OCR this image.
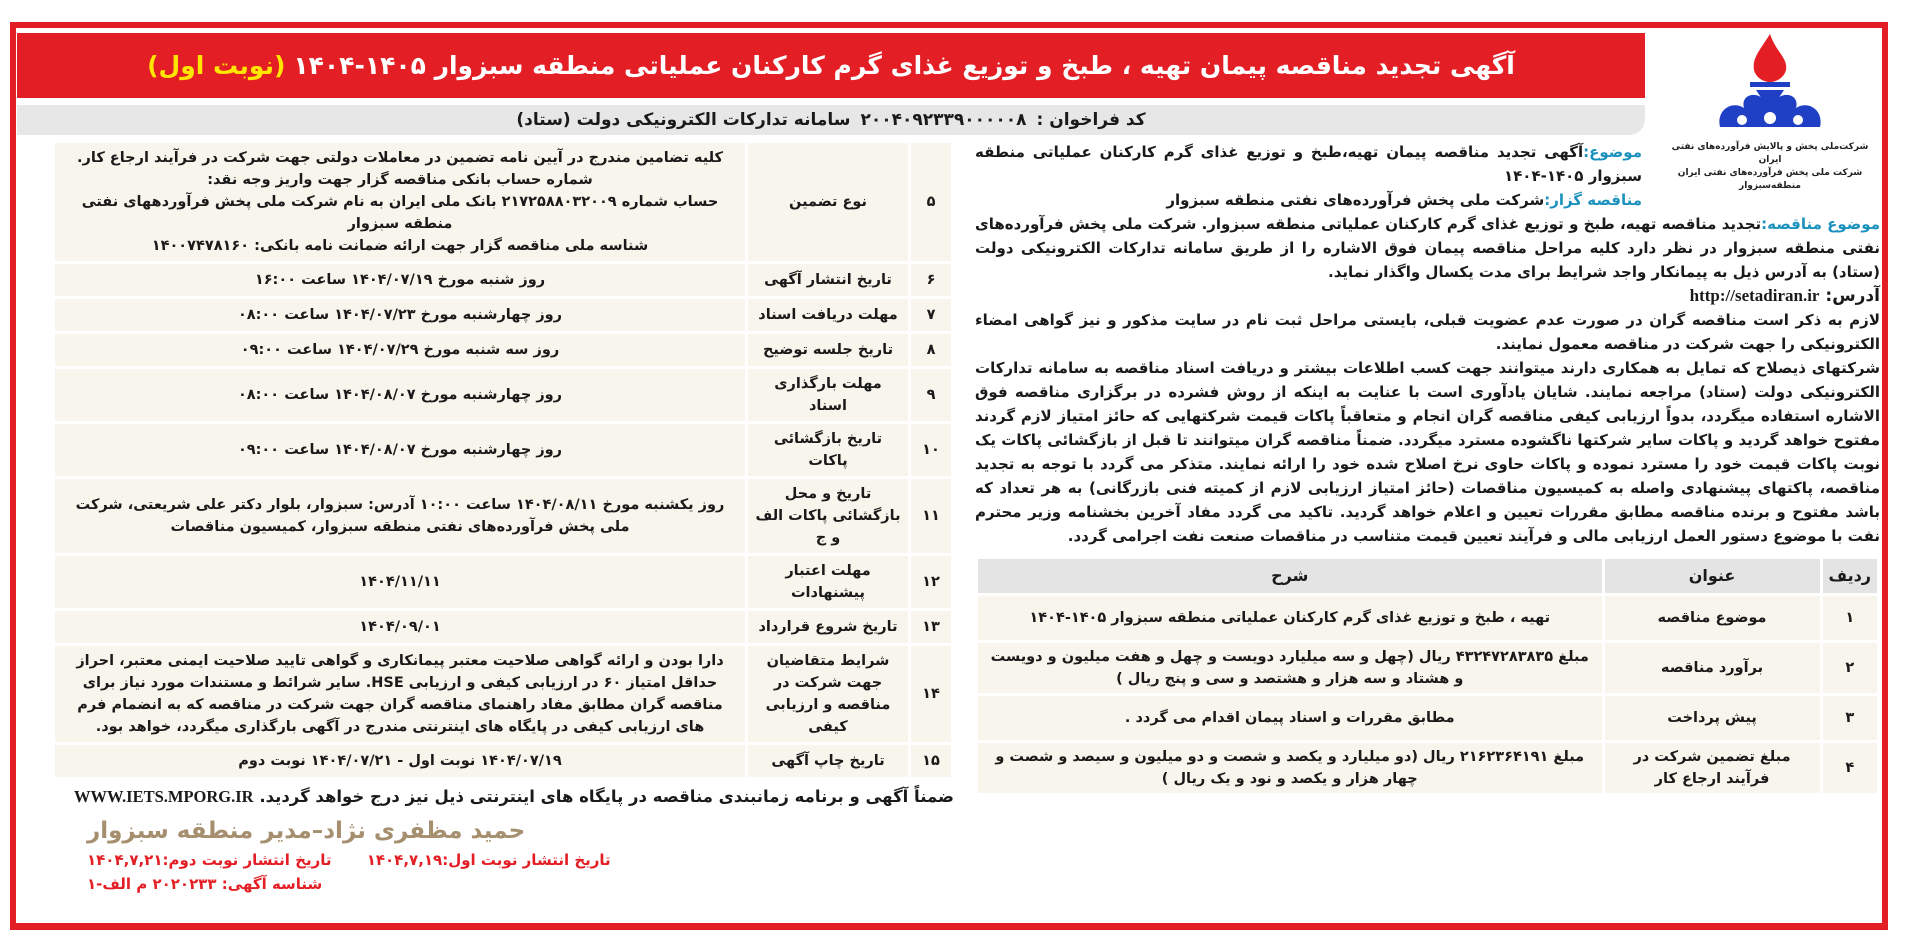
آگهی تجدید مناقصه پیمان تهیه ، طبخ و توزیع غذای گرم کارکنان عملیاتی منطقه سبزوار ۱۴۰۵-۱۴۰۴
(نوبت اول)
کد فراخوان :
۲۰۰۴۰۹۲۳۳۹۰۰۰۰۰۸
سامانه تدارکات الکترونیکی دولت (ستاد)
شرکت‌ملی پخش و پالایش فرآورده‌های نفتی ایران
شرکت ملی پخش فرآورده‌های نفتی ایران
منطقه‌سبزوار
موضوع:آگهی تجدید مناقصه پیمان تهیه،طبخ و توزیع غذای گرم کارکنان عملیاتی منطقه سبزوار ۱۴۰۵-۱۴۰۴
مناقصه گزار:شرکت ملی پخش فرآورده‌های نفتی منطقه سبزوار
موضوع مناقصه:تجدید مناقصه تهیه، طبخ و توزیع غذای گرم کارکنان عملیاتی منطقه سبزوار. شرکت ملی پخش فرآورده‌های نفتی منطقه سبزوار در نظر دارد کلیه مراحل مناقصه پیمان فوق الاشاره را از طریق سامانه تدارکات الکترونیکی دولت (ستاد) به آدرس ذیل به پیمانکار واجد شرایط برای مدت یکسال واگذار نماید.
آدرس: http://setadiran.ir
لازم به ذکر است مناقصه گران در صورت عدم عضویت قبلی، بایستی مراحل ثبت نام در سایت مذکور و نیز گواهی امضاء الکترونیکی را جهت شرکت در مناقصه معمول نمایند.
شرکتهای ذیصلاح که تمایل به همکاری دارند میتوانند جهت کسب اطلاعات بیشتر و دریافت اسناد مناقصه به سامانه تدارکات الکترونیکی دولت (ستاد) مراجعه نمایند. شایان یادآوری است با عنایت به اینکه از روش فشرده در برگزاری مناقصه فوق الاشاره استفاده میگردد، بدواً ارزیابی کیفی مناقصه گران انجام و متعاقباً پاکات قیمت شرکتهایی که حائز امتیاز لازم گردند مفتوح خواهد گردید و پاکات سایر شرکتها ناگشوده مسترد میگردد. ضمناً مناقصه گران میتوانند تا قبل از بازگشائی پاکات یک نوبت پاکات قیمت خود را مسترد نموده و پاکات حاوی نرخ اصلاح شده خود را ارائه نمایند. متذکر می گردد با توجه به تجدید مناقصه، پاکتهای پیشنهادی واصله به کمیسیون مناقصات (حائز امتیاز ارزیابی لازم از کمیته فنی بازرگانی) به هر تعداد که باشد مفتوح و برنده مناقصه مطابق مقررات تعیین و اعلام خواهد گردید. تاکید می گردد مفاد آخرین بخشنامه وزیر محترم نفت با موضوع دستور العمل ارزیابی مالی و فرآیند تعیین قیمت متناسب در مناقصات صنعت نفت اجرامی گردد.
ردیف	عنوان	شرح
۱	موضوع مناقصه	تهیه ، طبخ و توزیع غذای گرم کارکنان عملیاتی منطقه سبزوار ۱۴۰۵-۱۴۰۴
۲	برآورد مناقصه	مبلغ ۴۳۲۴۷۲۸۳۸۳۵ ریال (چهل و سه میلیارد دویست و چهل و هفت میلیون و دویست و هشتاد و سه هزار و هشتصد و سی و پنج ریال )
۳	پیش پرداخت	مطابق مقررات و اسناد پیمان اقدام می گردد .
۴	مبلغ تضمین شرکت در فرآیند ارجاع کار	مبلغ ۲۱۶۲۳۶۴۱۹۱ ریال (دو میلیارد و یکصد و شصت و دو میلیون و سیصد و شصت و چهار هزار و یکصد و نود و یک ریال )
۵	نوع تضمین	کلیه تضامین مندرج در آیین نامه تضمین در معاملات دولتی جهت شرکت در فرآیند ارجاع کار.
شماره حساب بانکی مناقصه گزار جهت واریز وجه نقد:
حساب شماره ۲۱۷۲۵۸۸۰۳۲۰۰۹ بانک ملی ایران به نام شرکت ملی پخش فرآوردههای نفتی منطقه سبزوار
شناسه ملی مناقصه گزار جهت ارائه ضمانت نامه بانکی: ۱۴۰۰۷۴۷۸۱۶۰

۶	تاریخ انتشار آگهی	روز شنبه مورخ ۱۴۰۴/۰۷/۱۹ ساعت ۱۶:۰۰

۷	مهلت دریافت اسناد	روز چهارشنبه مورخ ۱۴۰۴/۰۷/۲۳ ساعت ۰۸:۰۰

۸	تاریخ جلسه توضیح	روز سه شنبه مورخ ۱۴۰۴/۰۷/۲۹ ساعت ۰۹:۰۰

۹	مهلت بارگذاری اسناد	روز چهارشنبه مورخ ۱۴۰۴/۰۸/۰۷ ساعت ۰۸:۰۰

۱۰	تاریخ بازگشائی پاکات	روز چهارشنبه مورخ ۱۴۰۴/۰۸/۰۷ ساعت ۰۹:۰۰

۱۱	تاریخ و محل بازگشائی پاکات الف و ج	روز یکشنبه مورخ ۱۴۰۴/۰۸/۱۱ ساعت ۱۰:۰۰ آدرس: سبزوار، بلوار دکتر علی شریعتی، شرکت ملی پخش فرآورده‌های نفتی منطقه سبزوار، کمیسیون مناقصات

۱۲	مهلت اعتبار پیشنهادات	۱۴۰۴/۱۱/۱۱

۱۳	تاریخ شروع قرارداد	۱۴۰۴/۰۹/۰۱

۱۴	شرایط متقاضیان جهت شرکت در مناقصه و ارزیابی کیفی	دارا بودن و ارائه گواهی صلاحیت معتبر پیمانکاری و گواهی تایید صلاحیت ایمنی معتبر، احراز حداقل امتیاز ۶۰ در ارزیابی کیفی و ارزیابی HSE. سایر شرائط و مستندات مورد نیاز برای مناقصه گران مطابق مفاد راهنمای مناقصه گران جهت شرکت در مناقصه که به انضمام فرم های ارزیابی کیفی در پایگاه های اینترنتی مندرج در آگهی بارگذاری میگردد، خواهد بود.

۱۵	تاریخ چاپ آگهی	۱۴۰۴/۰۷/۱۹ نوبت اول - ۱۴۰۴/۰۷/۲۱ نوبت دوم
ضمناً آگهی و برنامه زمانبندی مناقصه در پایگاه های اینترنتی ذیل نیز درج خواهد گردید. WWW.IETS.MPORG.IR
حمید مظفری نژاد–مدیر منطقه سبزوار
تاریخ انتشار نوبت اول:۱۴۰۴,۷,۱۹ تاریخ انتشار نوبت دوم:۱۴۰۴,۷,۲۱
شناسه آگهی: ۲۰۲۰۲۳۳ م الف-۱
